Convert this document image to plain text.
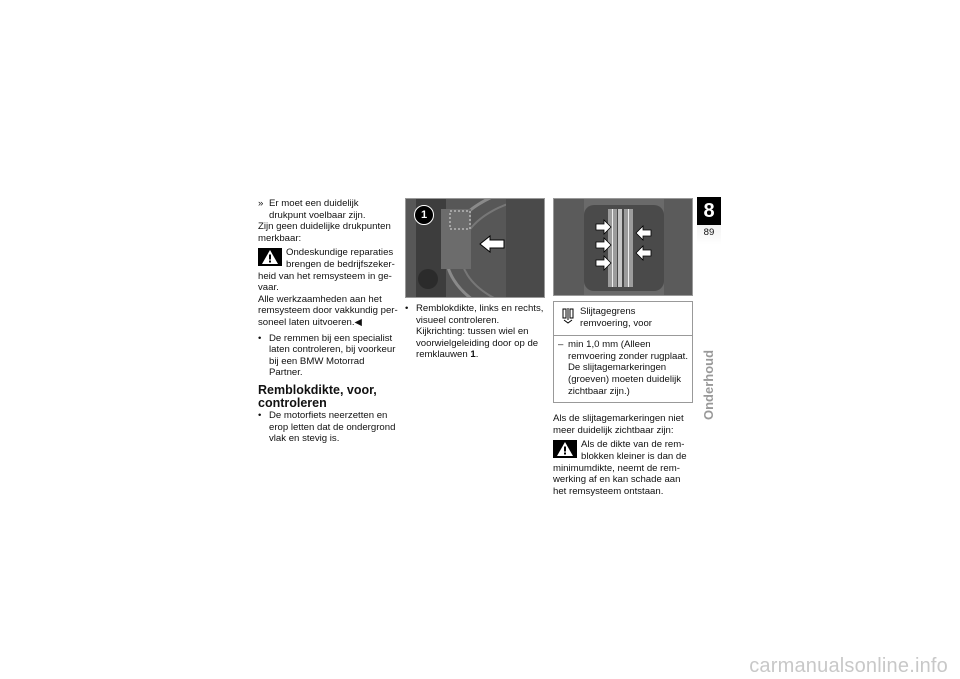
» Er moet een duidelijk drukpunt voelbaar zijn.

Zijn geen duidelijke drukpunten merkbaar:

Ondeskundige reparaties brengen de bedrijfszekerheid van het remsysteem in gevaar.

Alle werkzaamheden aan het remsysteem door vakkundig personeel laten uitvoeren.◀

• De remmen bij een specialist laten controleren, bij voorkeur bij een BMW Motorrad Partner.
Remblokdikte, voor, controleren
• De motorfiets neerzetten en erop letten dat de ondergrond vlak en stevig is.
1
• Remblokdikte, links en rechts, visueel controleren. Kijkrichting: tussen wiel en voorwielgeleiding door op de remklauwen 1.
Slijtagegrens remvoering, voor
– min 1,0 mm (Alleen remvoering zonder rugplaat. De slijtagemarkeringen (groeven) moeten duidelijk zichtbaar zijn.)

Als de slijtagemarkeringen niet meer duidelijk zichtbaar zijn:

Als de dikte van de remblokken kleiner is dan de minimumdikte, neemt de remwerking af en kan schade aan het remsysteem ontstaan.
8
89
Onderhoud
carmanualsonline.info
